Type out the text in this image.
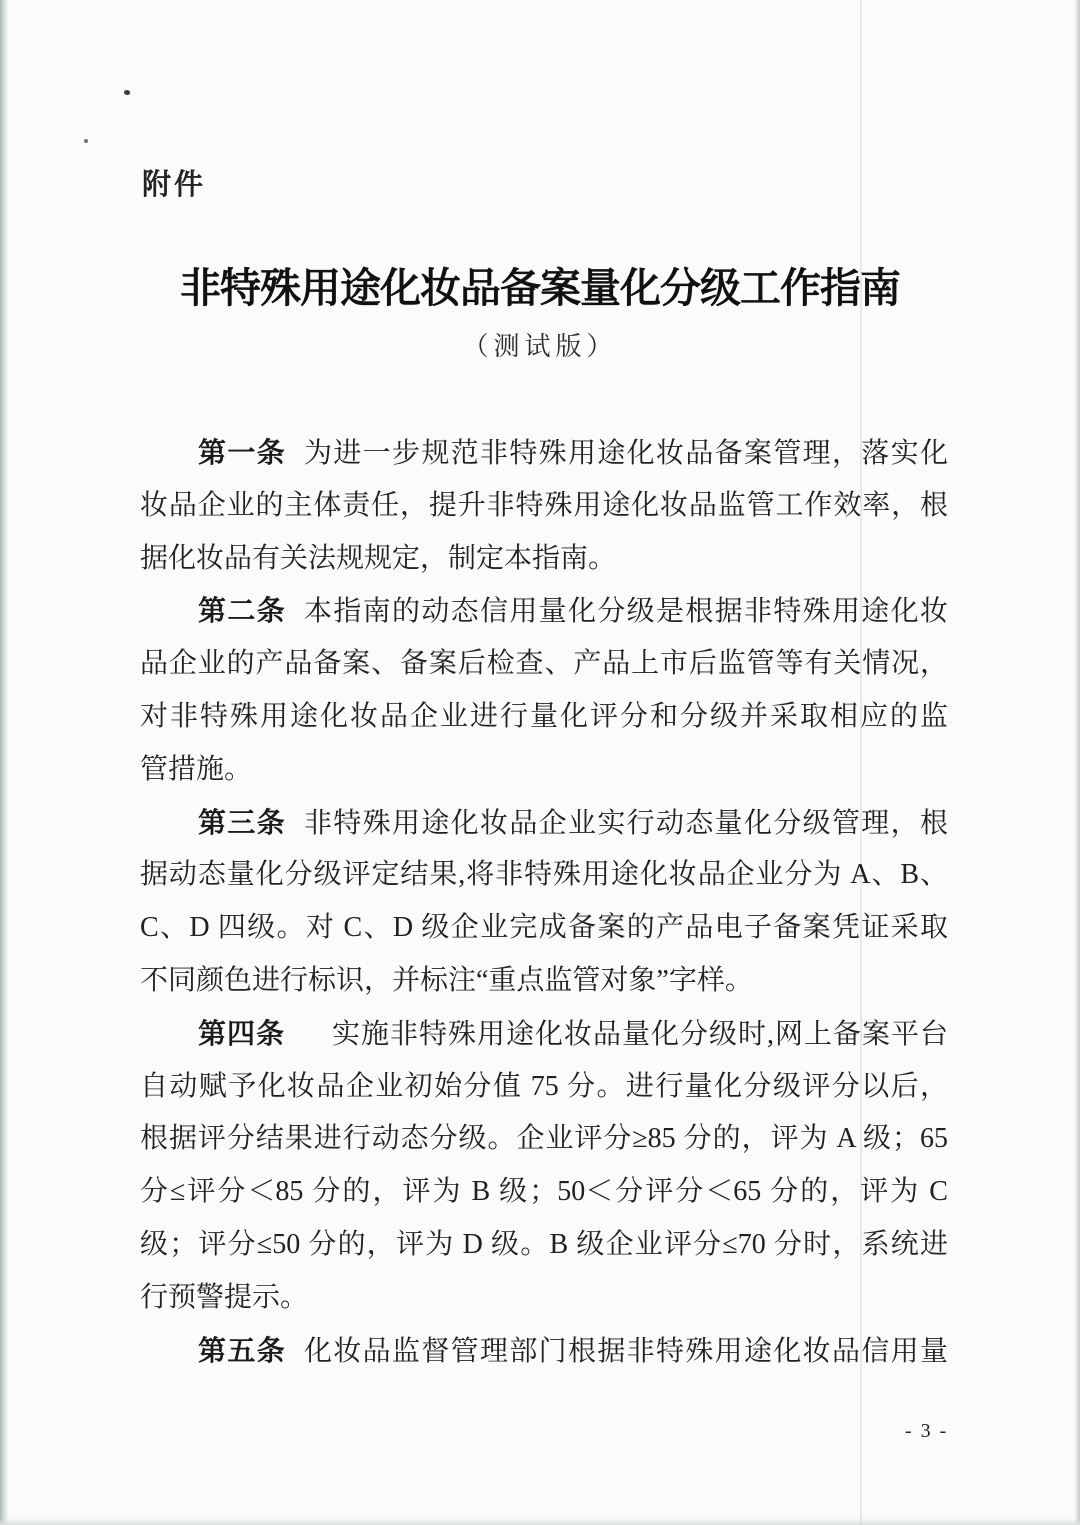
附件
非特殊用途化妆品备案量化分级工作指南
（测试版）
第一条 为进一步规范非特殊用途化妆品备案管理，落实化
妆品企业的主体责任，提升非特殊用途化妆品监管工作效率，根
据化妆品有关法规规定，制定本指南。
第二条 本指南的动态信用量化分级是根据非特殊用途化妆
品企业的产品备案、备案后检查、产品上市后监管等有关情况，
对非特殊用途化妆品企业进行量化评分和分级并采取相应的监
管措施。
第三条 非特殊用途化妆品企业实行动态量化分级管理，根
据动态量化分级评定结果,将非特殊用途化妆品企业分为 A、B、
C、D 四级。对 C、D 级企业完成备案的产品电子备案凭证采取
不同颜色进行标识，并标注“重点监管对象”字样。
第四条　实施非特殊用途化妆品量化分级时,网上备案平台
自动赋予化妆品企业初始分值 75 分。进行量化分级评分以后，
根据评分结果进行动态分级。企业评分≥85 分的，评为 A 级；65
分≤评分＜85 分的，评为 B 级；50＜分评分＜65 分的，评为 C
级；评分≤50 分的，评为 D 级。B 级企业评分≤70 分时，系统进
行预警提示。
第五条 化妆品监督管理部门根据非特殊用途化妆品信用量
- 3 -
